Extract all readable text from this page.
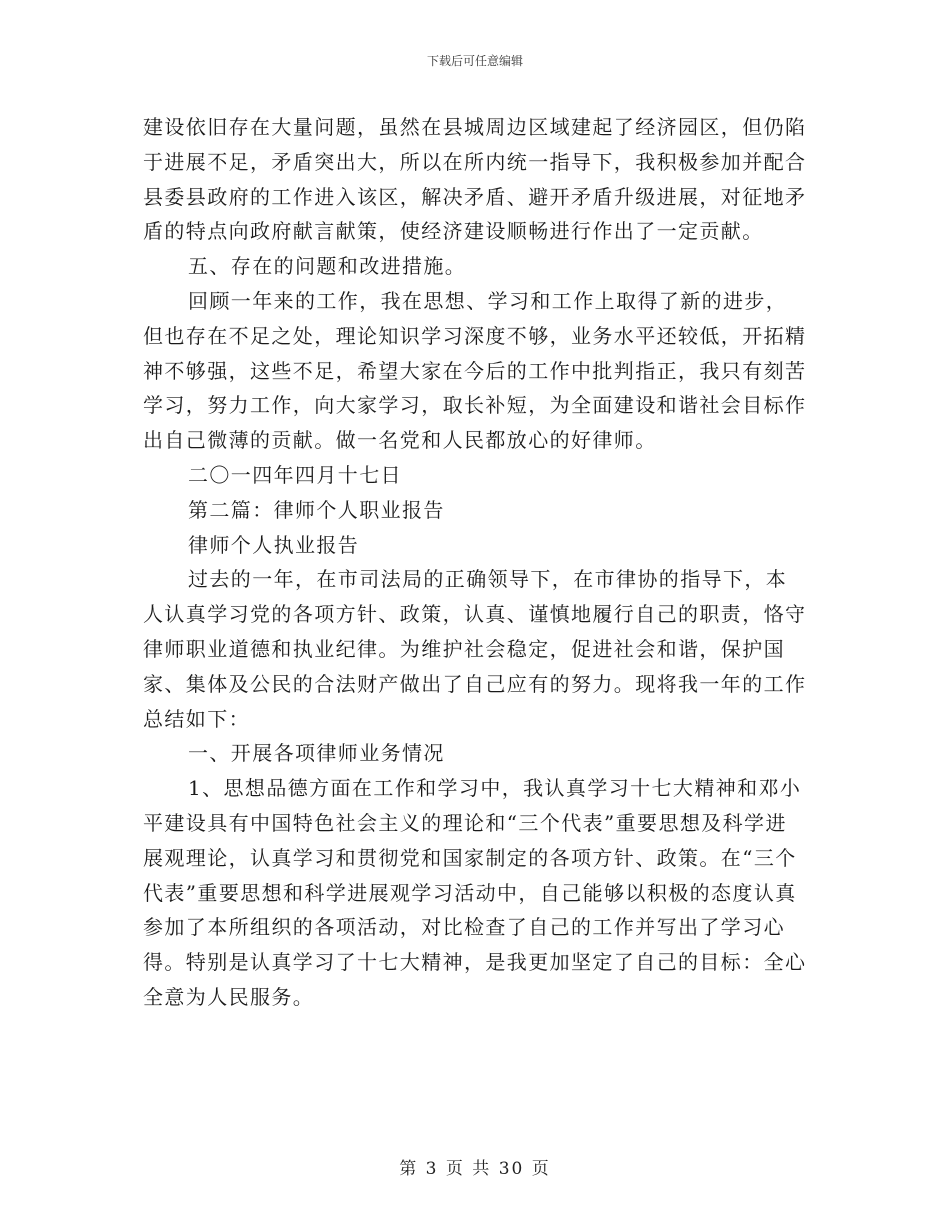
下载后可任意编辑

建设依旧存在大量问题，虽然在县城周边区域建起了经济园区，但仍陷于进展不足，矛盾突出大，所以在所内统一指导下，我积极参加并配合县委县政府的工作进入该区，解决矛盾、避开矛盾升级进展，对征地矛盾的特点向政府献言献策，使经济建设顺畅进行作出了一定贡献。

五、存在的问题和改进措施。

回顾一年来的工作，我在思想、学习和工作上取得了新的进步，但也存在不足之处，理论知识学习深度不够，业务水平还较低，开拓精神不够强，这些不足，希望大家在今后的工作中批判指正，我只有刻苦学习，努力工作，向大家学习，取长补短，为全面建设和谐社会目标作出自己微薄的贡献。做一名党和人民都放心的好律师。

二〇一四年四月十七日

第二篇：律师个人职业报告

律师个人执业报告

过去的一年，在市司法局的正确领导下，在市律协的指导下，本人认真学习党的各项方针、政策，认真、谨慎地履行自己的职责，恪守律师职业道德和执业纪律。为维护社会稳定，促进社会和谐，保护国家、集体及公民的合法财产做出了自己应有的努力。现将我一年的工作总结如下：

一、开展各项律师业务情况

1、思想品德方面在工作和学习中，我认真学习十七大精神和邓小平建设具有中国特色社会主义的理论和“三个代表”重要思想及科学进展观理论，认真学习和贯彻党和国家制定的各项方针、政策。在“三个代表”重要思想和科学进展观学习活动中，自己能够以积极的态度认真参加了本所组织的各项活动，对比检查了自己的工作并写出了学习心得。特别是认真学习了十七大精神，是我更加坚定了自己的目标：全心全意为人民服务。

第 3 页 共 30 页
